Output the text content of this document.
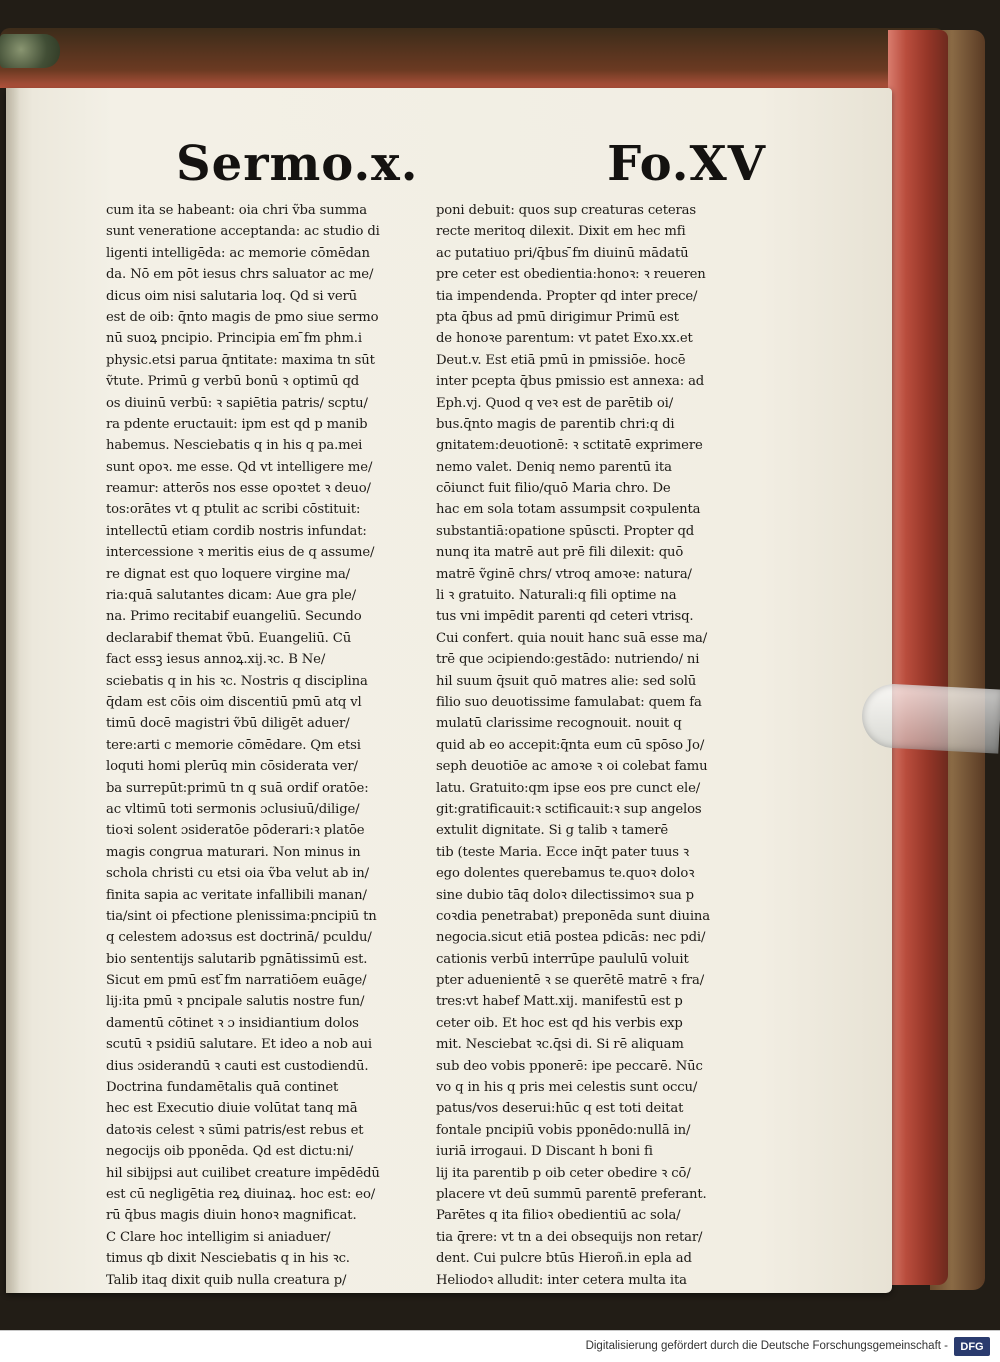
Sermo.x.	Fo.XV
cum ita se habeant: oia chri ṽba summa
sunt veneratione acceptanda: ac studio di
ligenti intelligēda: ac memorie cōmēdan
da. Nō em pōt iesus chrs saluator ac me/
dicus oim nisi salutaria loq. Qd si verū
est de oib: q̄nto magis de pmo siue sermo
nū suoꝝ pncipio. Principia em ̄fm phm.i
physic.etsi parua q̄ntitate: maxima tn sūt
ṽtute. Primū g verbū bonū ꝛ optimū qd
os diuinū verbū: ꝛ sapiētia patris/ scptu/
ra pdente eructauit: ipm est qd p manib
habemus. Nesciebatis q in his q pa.mei
sunt opoꝛ. me esse. Qd vt intelligere me/
reamur: atterōs nos esse opoꝛtet ꝛ deuo/
tos:orātes vt q ptulit ac scribi cōstituit:
intellectū etiam cordib nostris infundat:
intercessione ꝛ meritis eius de q assume/
re dignat est quo loquere virgine ma/
ria:quā salutantes dicam: Aue gra ple/
na. Primo recitabif euangeliū. Secundo
declarabif themat ṽbū. Euangeliū. Cū
fact essꝫ iesus annoꝝ.xij.ꝛc. B Ne/
sciebatis q in his ꝛc. Nostris q disciplina
q̄dam est cōis oim discentiū pmū atq vl
timū docē magistri ṽbū diligēt aduer/
tere:arti c memorie cōmēdare. Qm etsi
loquti homi plerūq min cōsiderata ver/
ba surrepūt:primū tn q suā ordif oratōe:
ac vltimū toti sermonis ɔclusiuū/dilige/
tioꝛi solent ɔsideratōe pōderari:ꝛ platōe
magis congrua maturari. Non minus in
schola christi cu etsi oia ṽba velut ab in/
finita sapia ac veritate infallibili manan/
tia/sint oi pfectione plenissima:pncipiū tn
q celestem adoꝛsus est doctrinā/ pculdu/
bio sententijs salutarib pgnātissimū est.
Sicut em pmū est ̄fm narratiōem euāge/
lij:ita pmū ꝛ pncipale salutis nostre fun/
damentū cōtinet ꝛ ɔ insidiantium dolos
scutū ꝛ psidiū salutare. Et ideo a nob aui
dius ɔsiderandū ꝛ cauti est custodiendū.
Doctrina fundamētalis quā continet
hec est Executio diuie volūtat tanq mā
datoꝛis celest ꝛ sūmi patris/est rebus et
negocijs oib pponēda. Qd est dictu:ni/
hil sibijpsi aut cuilibet creature impēdēdū
est cū negligētia reꝝ diuinaꝝ. hoc est: eo/
rū q̄bus magis diuin honoꝛ magnificat.
C Clare hoc intelligim si aniaduer/
timus qb dixit Nesciebatis q in his ꝛc.
Talib itaq dixit quib nulla creatura p/
poni debuit: quos sup creaturas ceteras
recte meritoq dilexit. Dixit em hec mfi
ac putatiuo pri/q̄bus ̄fm diuinū mādatū
pre ceter est obedientia:honoꝛ: ꝛ reueren
tia impendenda. Propter qd inter prece/
pta q̄bus ad pmū dirigimur Primū est
de honoꝛe parentum: vt patet Exo.xx.et
Deut.v. Est etiā pmū in pmissiōe. hocē
inter pcepta q̄bus pmissio est annexa: ad
Eph.vj. Quod q veꝛ est de parētib oi/
bus.q̄nto magis de parentib chri:q di
gnitatem:deuotionē: ꝛ sctitatē exprimere
nemo valet. Deniq nemo parentū ita
cōiunct fuit filio/quō Maria chro. De
hac em sola totam assumpsit coꝛpulenta
substantiā:opatione spūscti. Propter qd
nunq ita matrē aut prē fili dilexit: quō
matrē ṽginē chrs/ vtroq amoꝛe: natura/
li ꝛ gratuito. Naturali:q fili optime na
tus vni impēdit parenti qd ceteri vtrisq.
Cui confert. quia nouit hanc suā esse ma/
trē que ɔcipiendo:gestādo: nutriendo/ ni
hil suum q̄suit quō matres alie: sed solū
filio suo deuotissime famulabat: quem fa
mulatū clarissime recognouit. nouit q
quid ab eo accepit:q̄nta eum cū spōso Jo/
seph deuotiōe ac amoꝛe ꝛ oi colebat famu
latu. Gratuito:qm ipse eos pre cunct ele/
git:gratificauit:ꝛ sctificauit:ꝛ sup angelos
extulit dignitate. Si g talib ꝛ tamerē
tib (teste Maria. Ecce inq̄t pater tuus ꝛ
ego dolentes querebamus te.quoꝛ doloꝛ
sine dubio tāq doloꝛ dilectissimoꝛ sua p
coꝛdia penetrabat) preponēda sunt diuina
negocia.sicut etiā postea pdicās: nec pdi/
cationis verbū interrūpe paululū voluit
pter aduenientē ꝛ se querētē matrē ꝛ fra/
tres:vt habef Matt.xij. manifestū est p
ceter oib. Et hoc est qd his verbis exp
mit. Nesciebat ꝛc.q̄si di. Si rē aliquam
sub deo vobis pponerē: ipe peccarē. Nūc
vo q in his q pris mei celestis sunt occu/
patus/vos deserui:hūc q est toti deitat
fontale pncipiū vobis pponēdo:nullā in/
iuriā irrogaui. D Discant h boni fi
lij ita parentib p oib ceter obedire ꝛ cō/
placere vt deū summū parentē preferant.
Parētes q ita filioꝛ obedientiū ac sola/
tia q̄rere: vt tn a dei obsequijs non retar/
dent. Cui pulcre btūs Hieroñ.in epla ad
Heliodoꝛ alludit: inter cetera multa ita
Digitalisierung gefördert durch die Deutsche Forschungsgemeinschaft -	DFG
